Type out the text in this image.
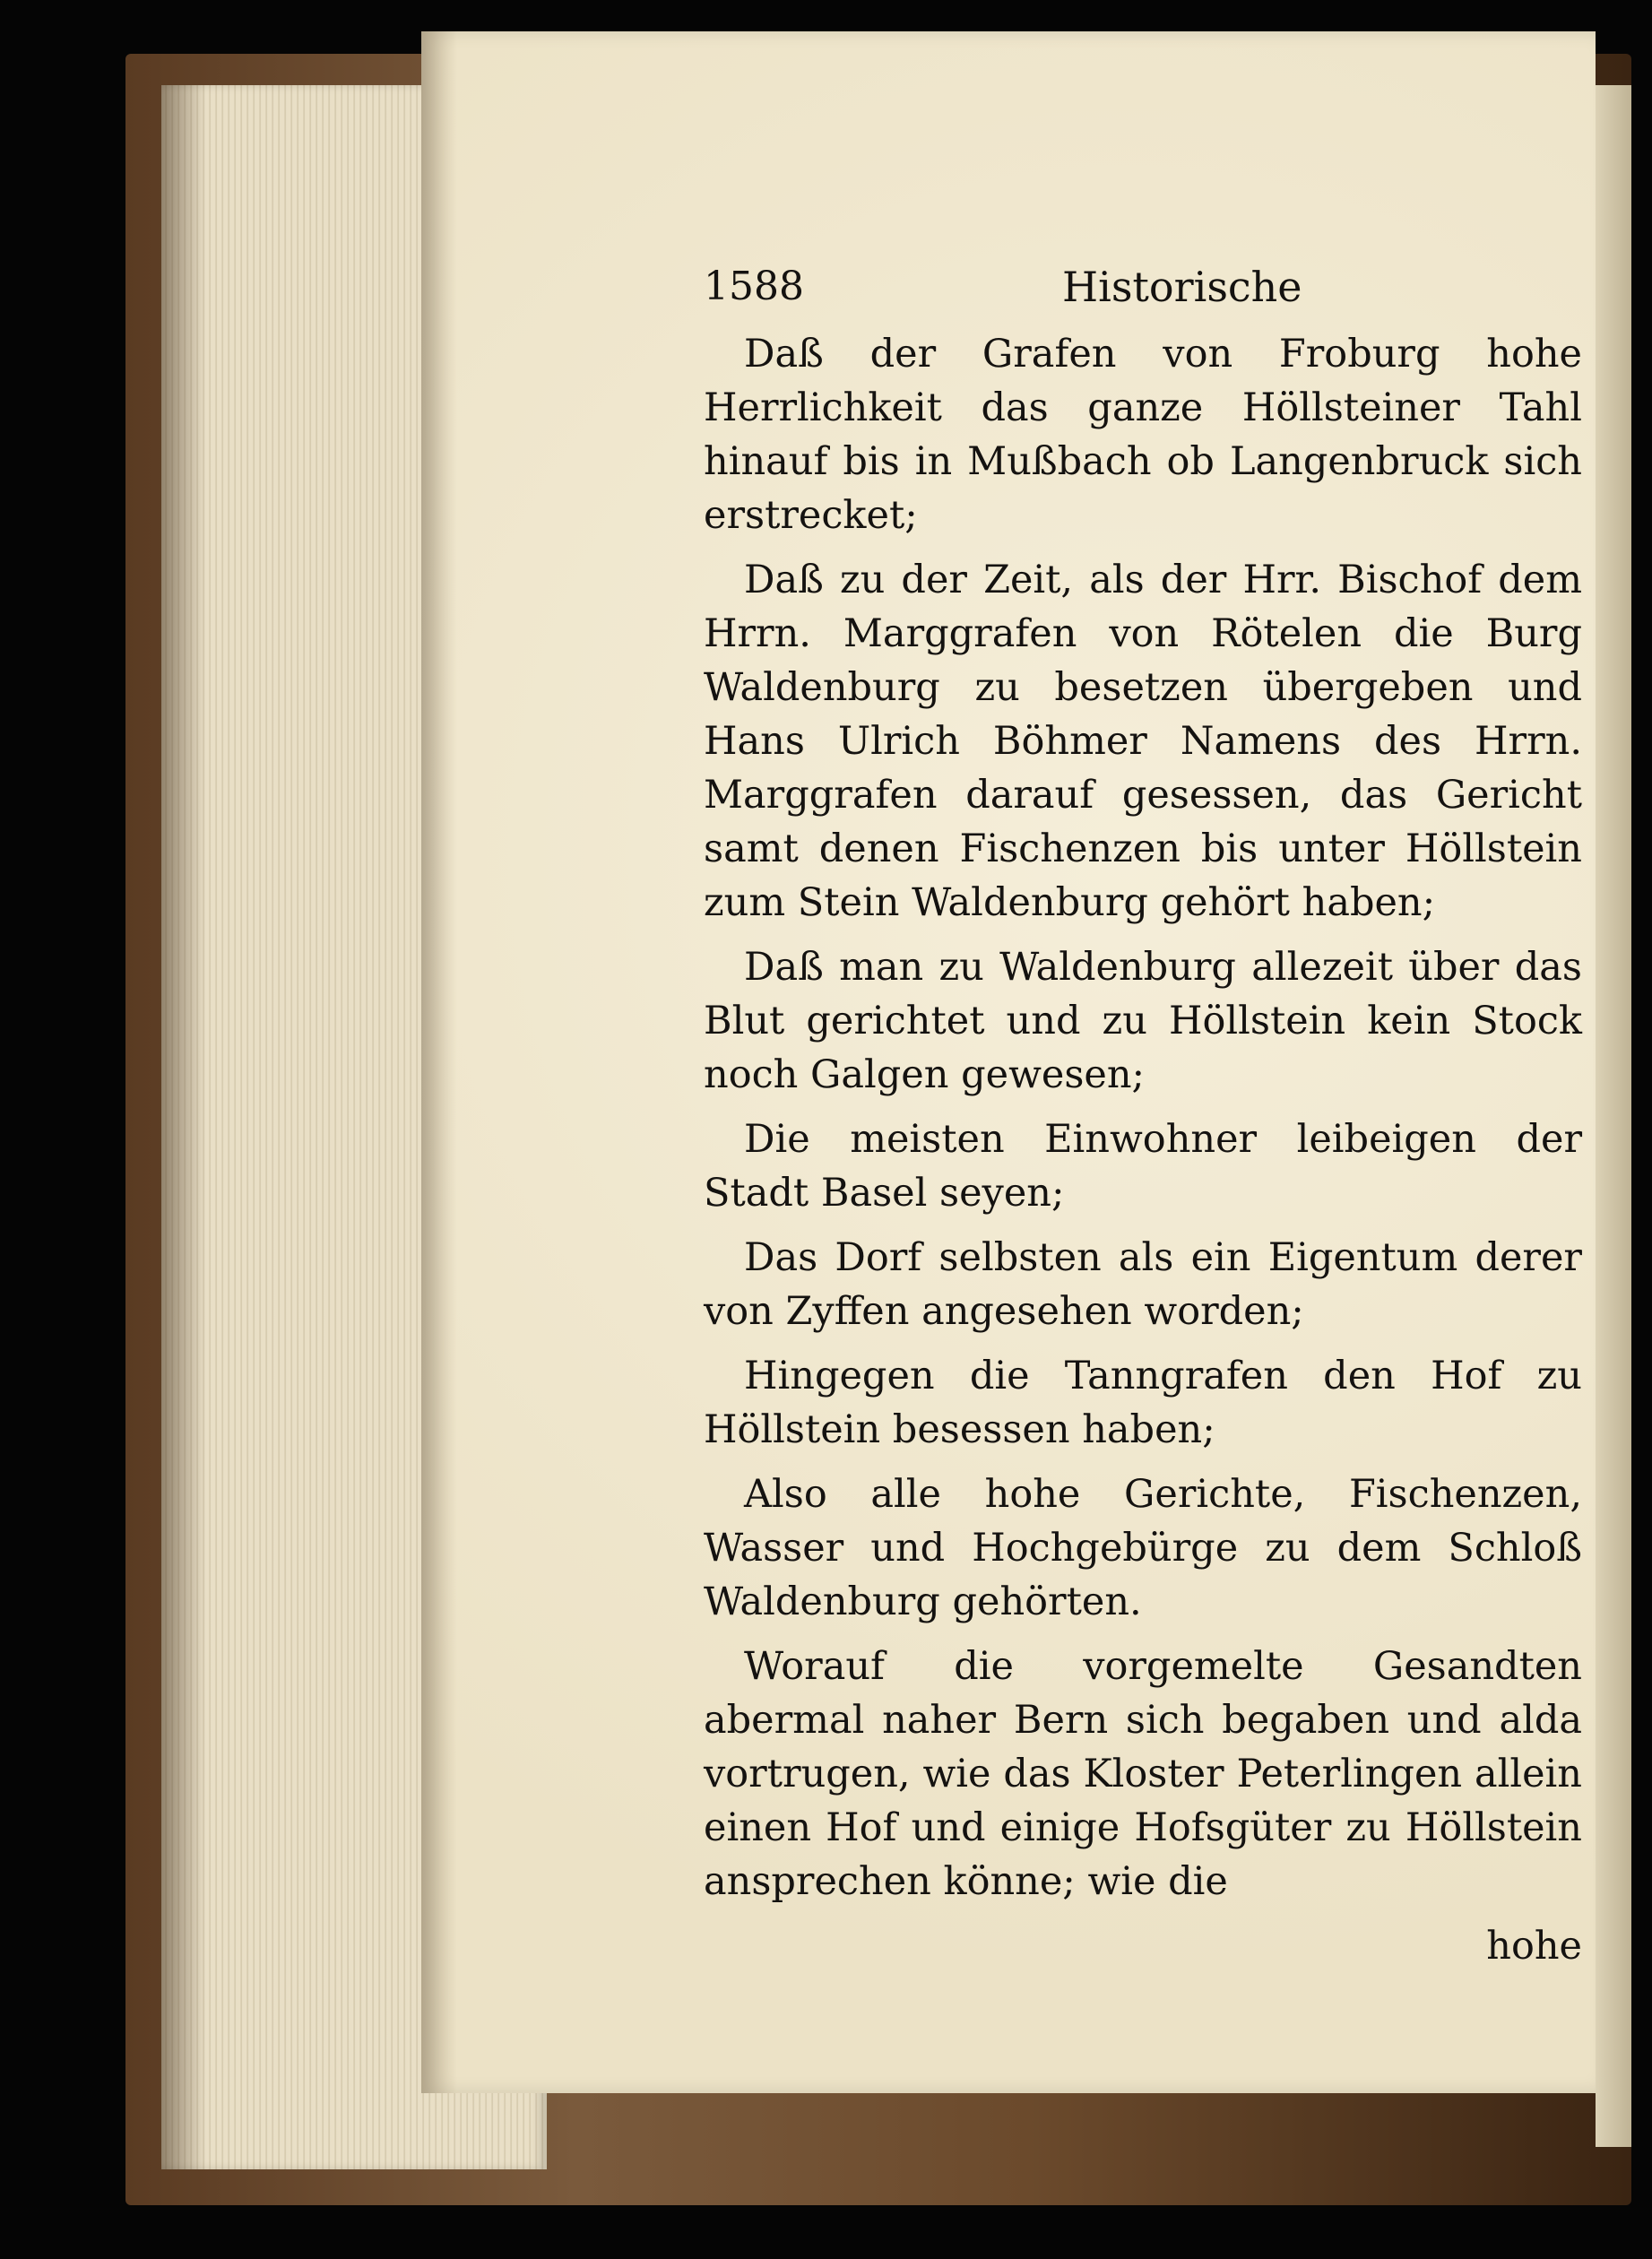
1588	Historische

Daß der Grafen von Froburg hohe Herrlichkeit das ganze Höllsteiner Tahl hinauf bis in Mußbach ob Langenbruck sich erstrecket;

Daß zu der Zeit, als der Hrr. Bischof dem Hrrn. Marggrafen von Rötelen die Burg Waldenburg zu besetzen übergeben und Hans Ulrich Böhmer Namens des Hrrn. Marggrafen darauf gesessen, das Gericht samt denen Fischenzen bis unter Höllstein zum Stein Waldenburg gehört haben;

Daß man zu Waldenburg allezeit über das Blut gerichtet und zu Höllstein kein Stock noch Galgen gewesen;

Die meisten Einwohner leibeigen der Stadt Basel seyen;

Das Dorf selbsten als ein Eigentum derer von Zyffen angesehen worden;

Hingegen die Tanngrafen den Hof zu Höllstein besessen haben;

Also alle hohe Gerichte, Fischenzen, Wasser und Hochgebürge zu dem Schloß Waldenburg gehörten.

Worauf die vorgemelte Gesandten abermal naher Bern sich begaben und alda vortrugen, wie das Kloster Peterlingen allein einen Hof und einige Hofsgüter zu Höllstein ansprechen könne; wie die

hohe
